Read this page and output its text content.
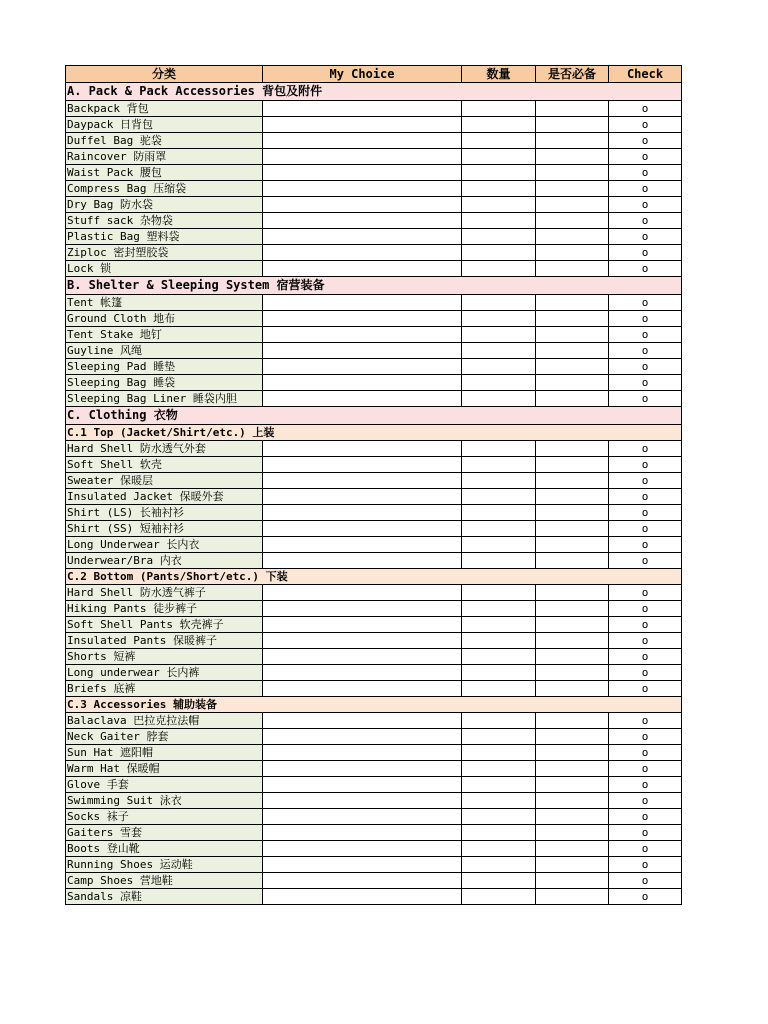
分类	My Choice	数量	是否必备	Check
A. Pack & Pack Accessories 背包及附件				
Backpack 背包				o
Daypack 日背包				o
Duffel Bag 驼袋				o
Raincover 防雨罩				o
Waist Pack 腰包				o
Compress Bag 压缩袋				o
Dry Bag 防水袋				o
Stuff sack 杂物袋				o
Plastic Bag 塑料袋				o
Ziploc 密封塑胶袋				o
Lock 锁				o
B. Shelter & Sleeping System 宿营装备				
Tent 帐篷				o
Ground Cloth 地布				o
Tent Stake 地钉				o
Guyline 风绳				o
Sleeping Pad 睡垫				o
Sleeping Bag 睡袋				o
Sleeping Bag Liner 睡袋内胆				o
C. Clothing 衣物				
C.1 Top (Jacket/Shirt/etc.) 上装				
Hard Shell 防水透气外套				o
Soft Shell 软壳				o
Sweater 保暖层				o
Insulated Jacket 保暖外套				o
Shirt (LS) 长袖衬衫				o
Shirt (SS) 短袖衬衫				o
Long Underwear 长内衣				o
Underwear/Bra 内衣				o
C.2 Bottom (Pants/Short/etc.) 下装				
Hard Shell 防水透气裤子				o
Hiking Pants 徒步裤子				o
Soft Shell Pants 软壳裤子				o
Insulated Pants 保暖裤子				o
Shorts 短裤				o
Long underwear 长内裤				o
Briefs 底裤				o
C.3 Accessories 辅助装备				
Balaclava 巴拉克拉法帽				o
Neck Gaiter 脖套				o
Sun Hat 遮阳帽				o
Warm Hat 保暖帽				o
Glove 手套				o
Swimming Suit 泳衣				o
Socks 袜子				o
Gaiters 雪套				o
Boots 登山靴				o
Running Shoes 运动鞋				o
Camp Shoes 营地鞋				o
Sandals 凉鞋				o
